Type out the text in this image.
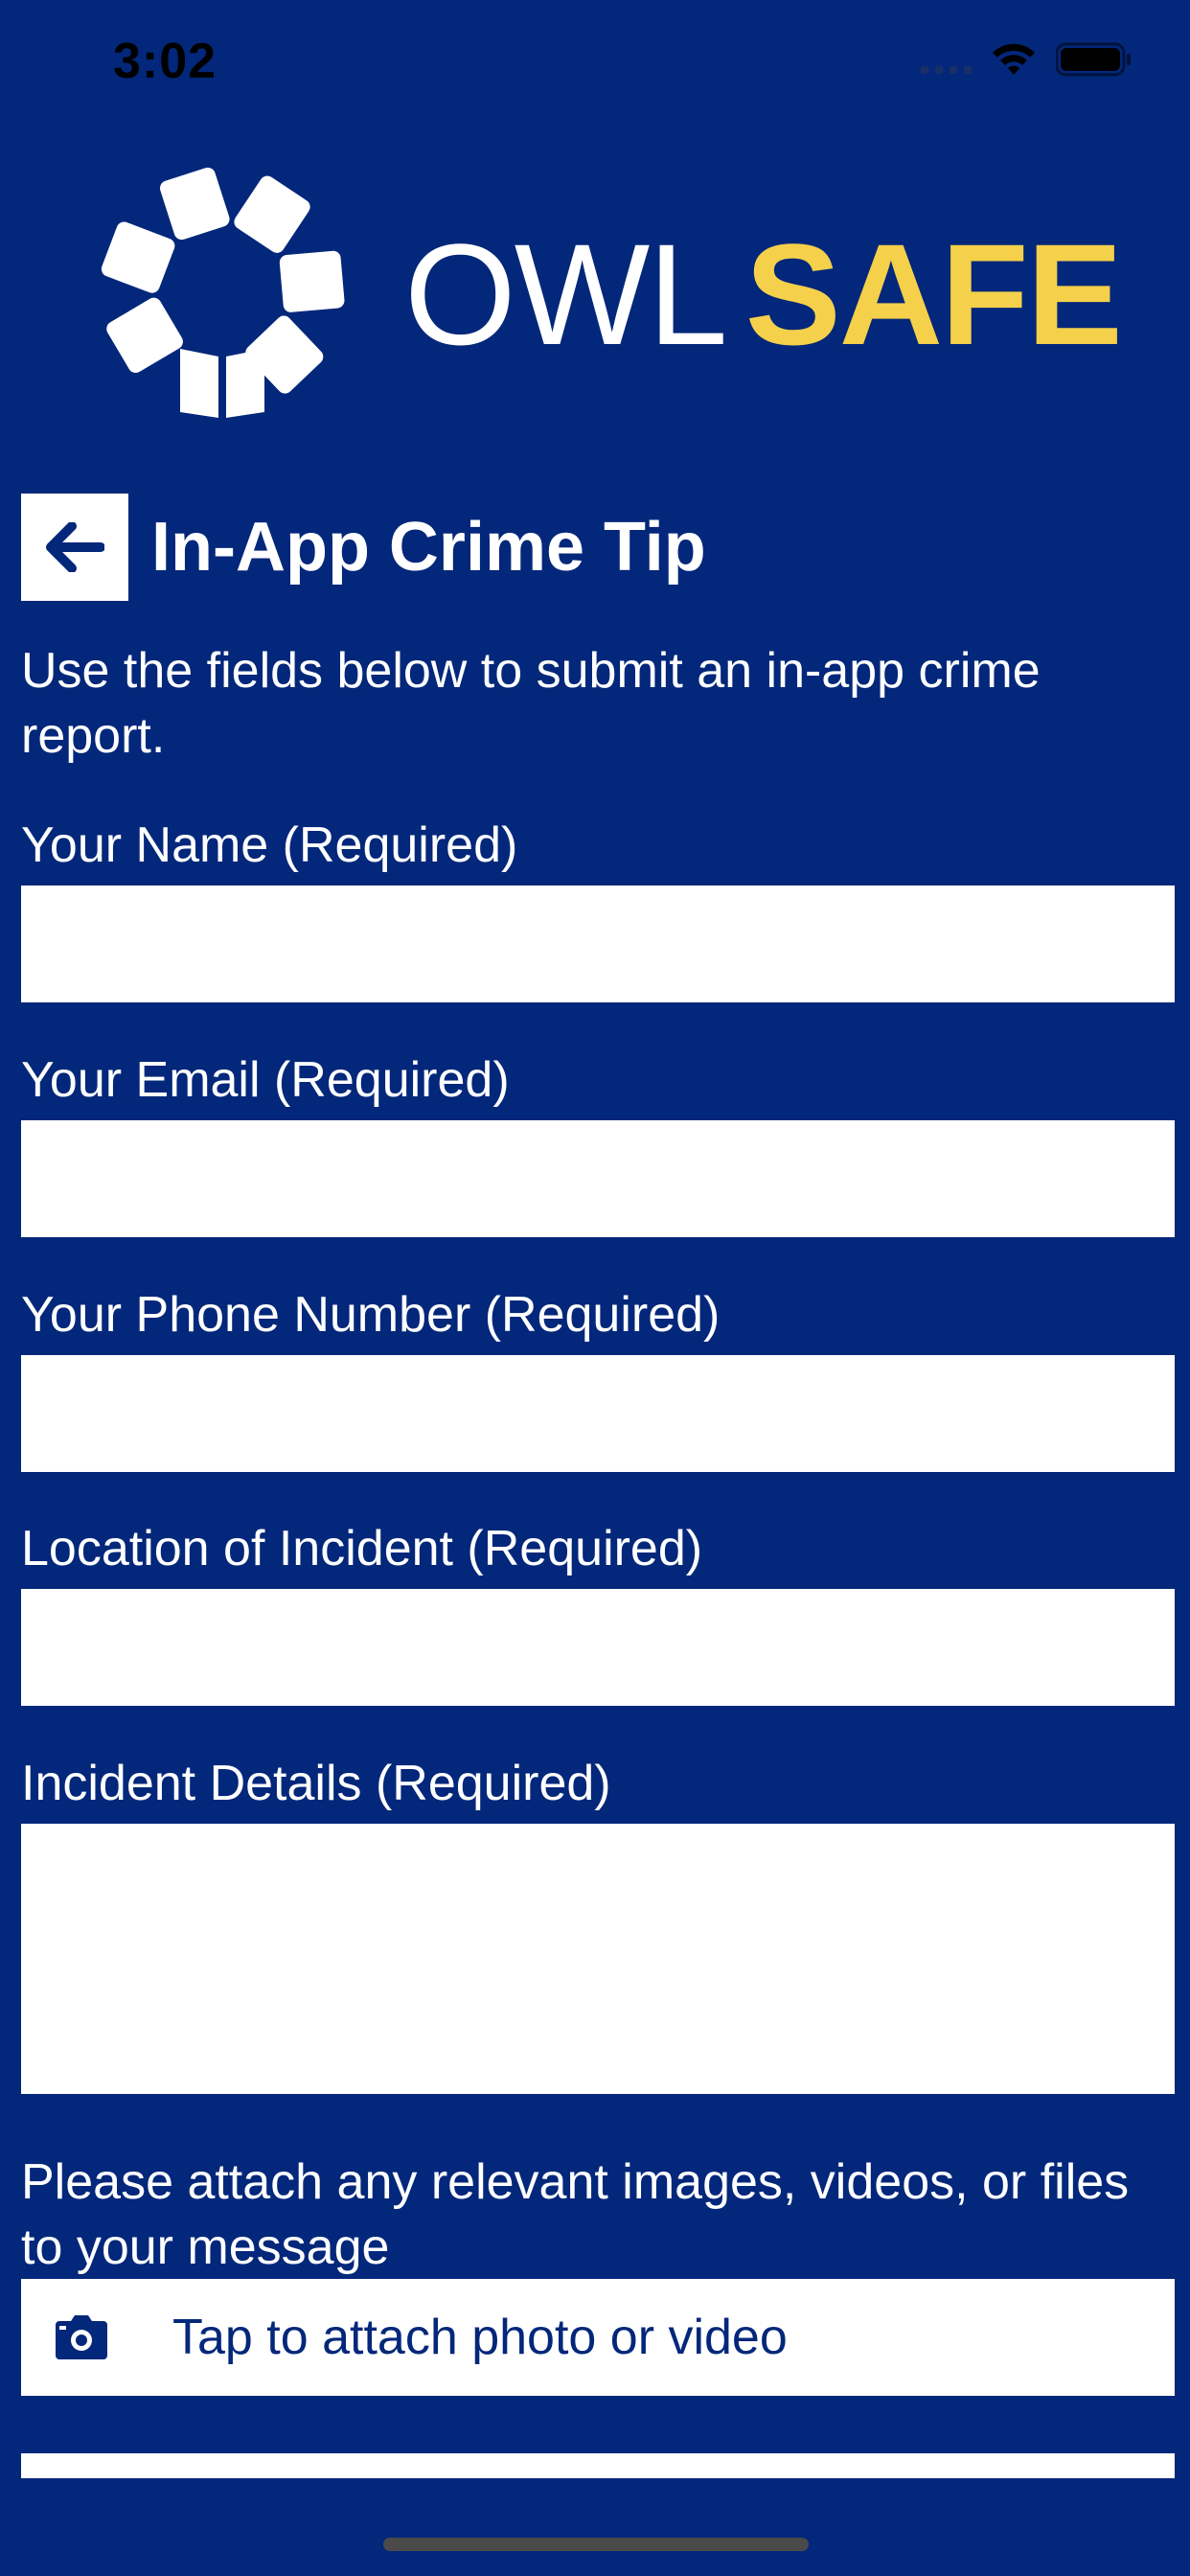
3:02
OWL SAFE
In-App Crime Tip
Use the fields below to submit an in-app crime report.
Your Name (Required)
Your Email (Required)
Your Phone Number (Required)
Location of Incident (Required)
Incident Details (Required)
Please attach any relevant images, videos, or files to your message
Tap to attach photo or video
